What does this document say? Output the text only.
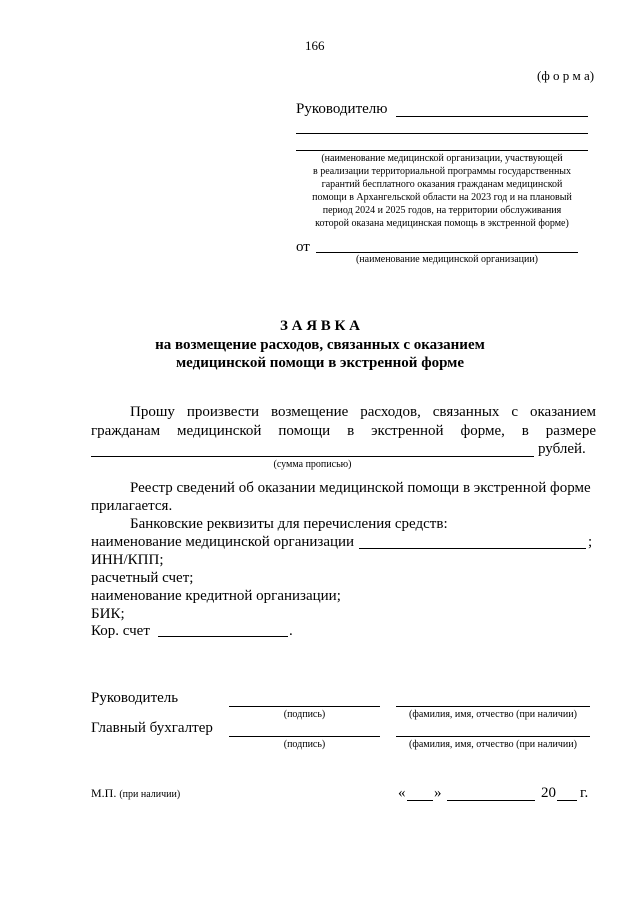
166
(ф о р м а)
Руководителю
(наименование медицинской организации, участвующей
в реализации территориальной программы государственных
гарантий бесплатного оказания гражданам медицинской
помощи в Архангельской области на 2023 год и на плановый
период 2024 и 2025 годов, на территории обслуживания
которой оказана медицинская помощь в экстренной форме)
от
(наименование медицинской организации)
З А Я В К А
на возмещение расходов, связанных с оказанием
медицинской помощи в экстренной форме
Прошу произвести возмещение расходов, связанных с оказанием
гражданам медицинской помощи в экстренной форме, в размере
рублей.
(сумма прописью)
Реестр сведений об оказании медицинской помощи в экстренной форме
прилагается.
Банковские реквизиты для перечисления средств:
наименование медицинской организации	;
ИНН/КПП;
расчетный счет;
наименование кредитной организации;
БИК;
Кор. счет	.
Руководитель
(подпись)	(фамилия, имя, отчество (при наличии)
Главный бухгалтер
(подпись)	(фамилия, имя, отчество (при наличии)
М.П. (при наличии)	« »	20 г.
